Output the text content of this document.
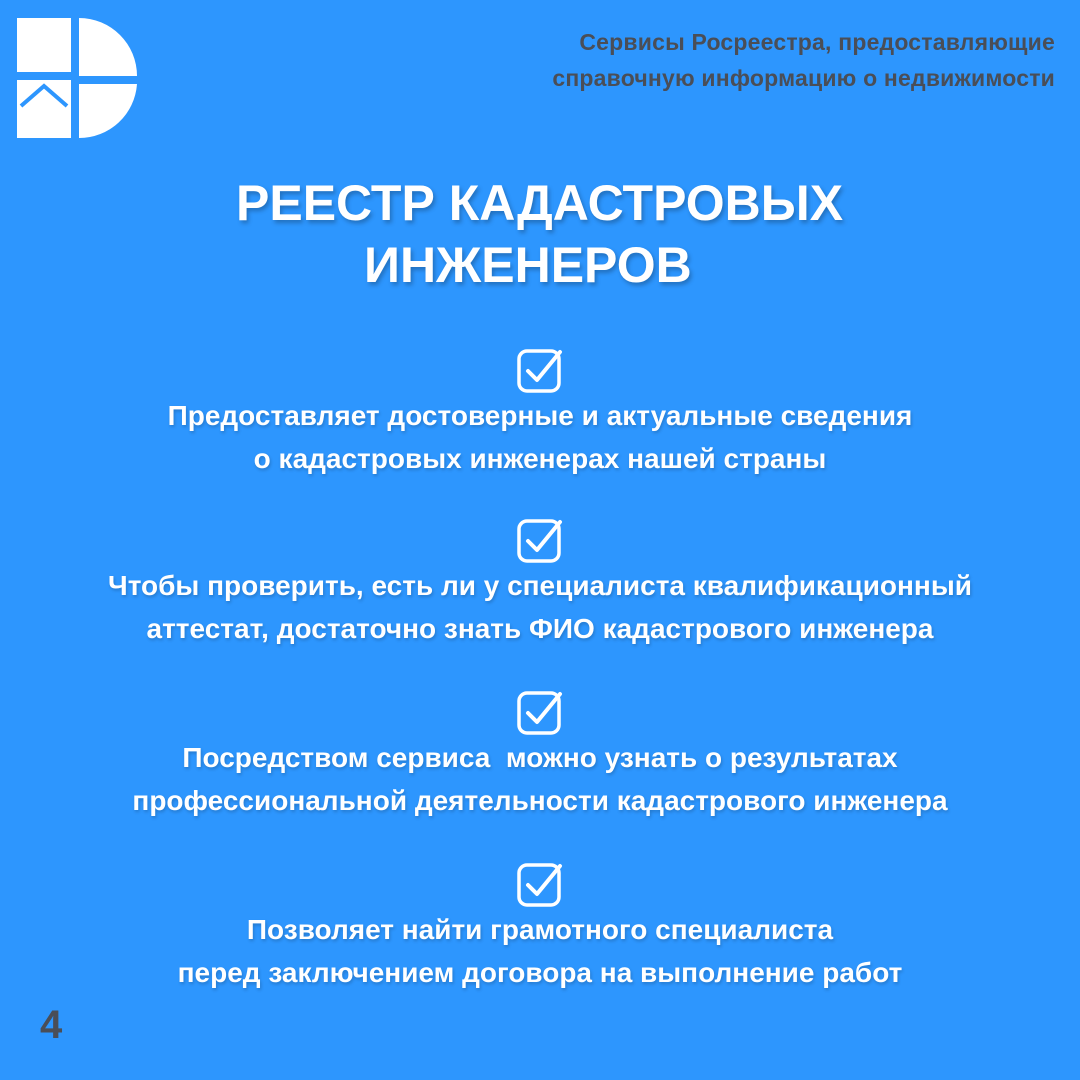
Сервисы Росреестра, предоставляющие
справочную информацию о недвижимости
РЕЕСТР КАДАСТРОВЫХ
ИНЖЕНЕРОВ
Предоставляет достоверные и актуальные сведения
о кадастровых инженерах нашей страны
Чтобы проверить, есть ли у специалиста квалификационный
аттестат, достаточно знать ФИО кадастрового инженера
Посредством сервиса  можно узнать о результатах
профессиональной деятельности кадастрового инженера
Позволяет найти грамотного специалиста
перед заключением договора на выполнение работ
4
